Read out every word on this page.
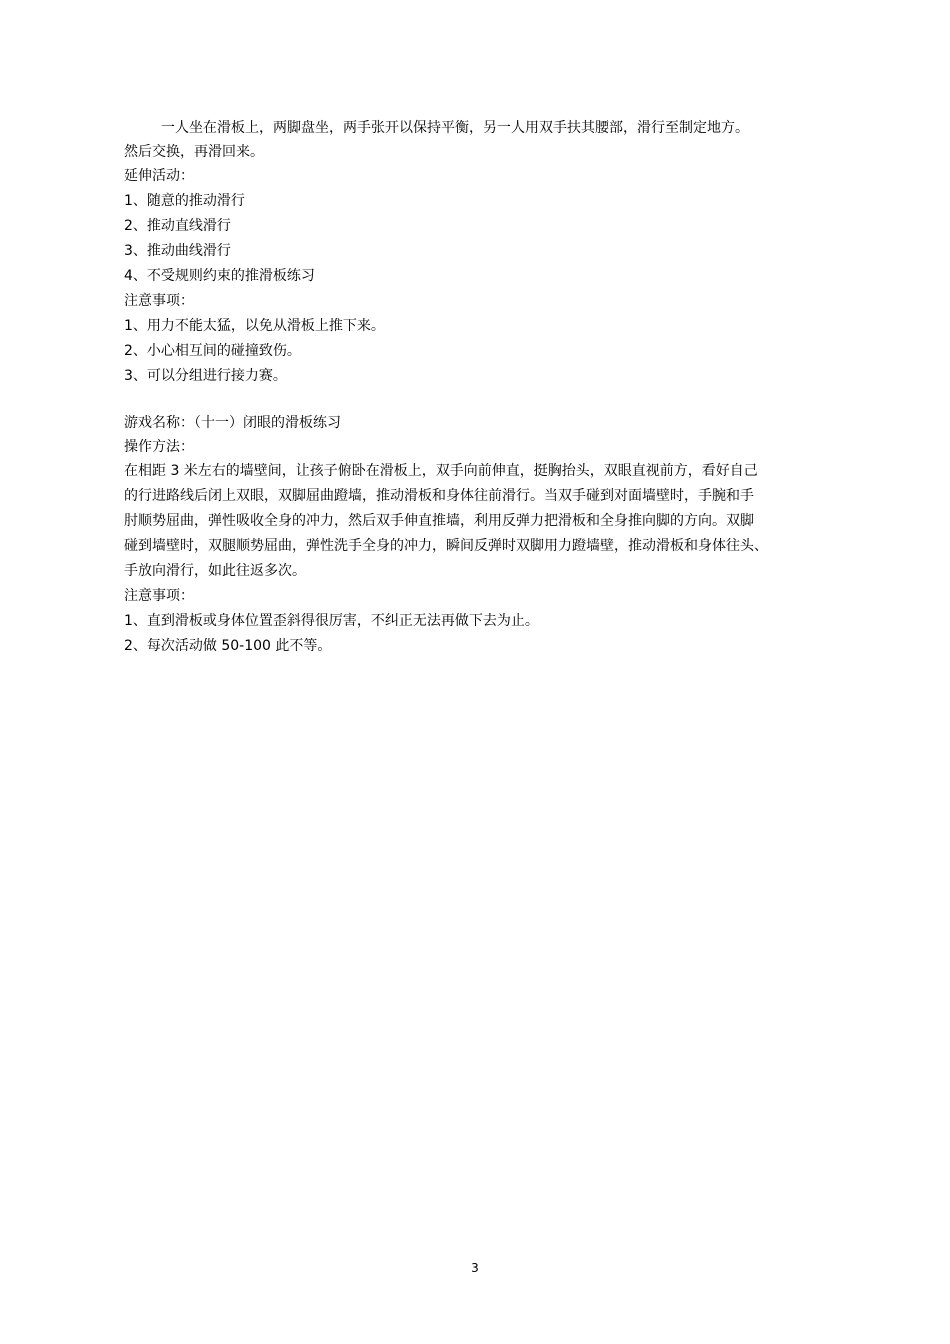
一人坐在滑板上，两脚盘坐，两手张开以保持平衡，另一人用双手扶其腰部，滑行至制定地方。
然后交换，再滑回来。
延伸活动：
1、随意的推动滑行
2、推动直线滑行
3、推动曲线滑行
4、不受规则约束的推滑板练习
注意事项：
1、用力不能太猛，以免从滑板上推下来。
2、小心相互间的碰撞致伤。
3、可以分组进行接力赛。
游戏名称：（十一）闭眼的滑板练习
操作方法：

在相距 3 米左右的墙壁间，让孩子俯卧在滑板上，双手向前伸直，挺胸抬头，双眼直视前方，看好自己

的行进路线后闭上双眼，双脚屈曲蹬墙，推动滑板和身体往前滑行。当双手碰到对面墙壁时，手腕和手

肘顺势屈曲，弹性吸收全身的冲力，然后双手伸直推墙，利用反弹力把滑板和全身推向脚的方向。双脚

碰到墙壁时，双腿顺势屈曲，弹性洗手全身的冲力，瞬间反弹时双脚用力蹬墙壁，推动滑板和身体往头、

手放向滑行，如此往返多次。

注意事项：
1、直到滑板或身体位置歪斜得很厉害，不纠正无法再做下去为止。
2、每次活动做 50-100 此不等。
3
